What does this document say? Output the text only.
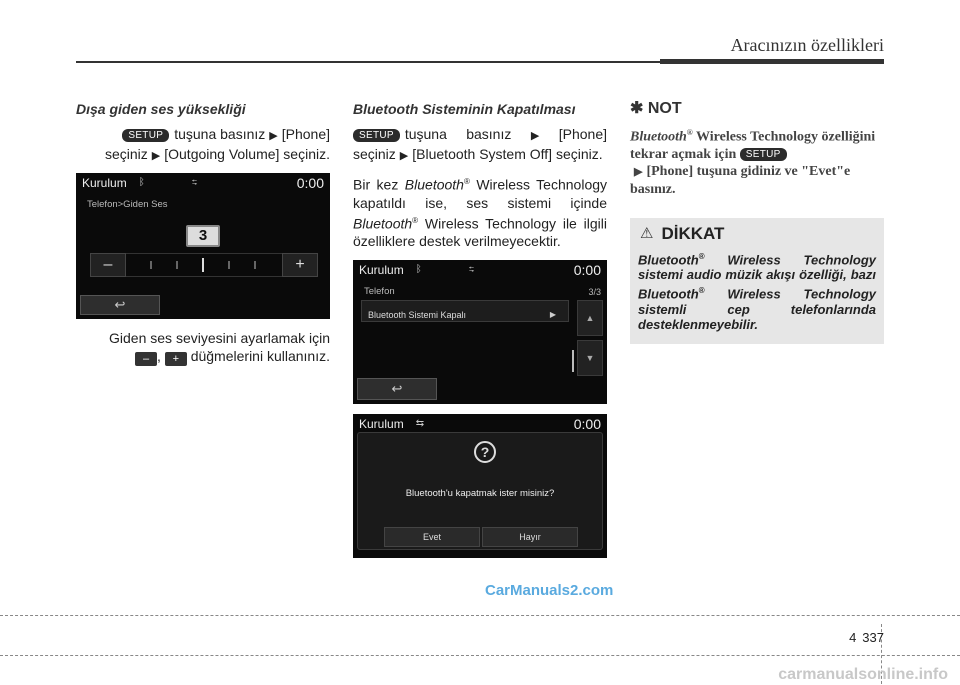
Aracınızın özellikleri
Dışa giden ses yüksekliği
SETUP tuşuna basınız ▶ [Phone] seçiniz ▶ [Outgoing Volume] seçiniz.
Kurulum	ᛒ ⇆	0:00
Telefon>Giden Ses
3
–	+
↩
Giden ses seviyesini ayarlamak için
– , + düğmelerini kullanınız.
Bluetooth Sisteminin Kapatılması
SETUP tuşuna basınız ▶ [Phone] seçiniz ▶ [Bluetooth System Off] seçiniz.
Bir kez Bluetooth® Wireless Technology kapatıldı ise, ses sistemi içinde Bluetooth® Wireless Technology ile ilgili özelliklere destek verilmeyecektir.
Kurulum	ᛒ ⇆	0:00
Telefon	3/3
Bluetooth Sistemi Kapalı	▶	▲
▼
↩
Kurulum	⇆	0:00
?
Bluetooth'u kapatmak ister misiniz?
Evet	Hayır
✱ NOT
Bluetooth® Wireless Technology özelliğini tekrar açmak için SETUP
▶ [Phone] tuşuna gidiniz ve "Evet"e basınız.
⚠ DİKKAT
Bluetooth® Wireless Technology sistemi audio müzik akışı özelliği, bazı Bluetooth® Wireless Technology sistemli cep telefonlarında desteklenmeyebilir.
CarManuals2.com
4 337
carmanualsonline.info
